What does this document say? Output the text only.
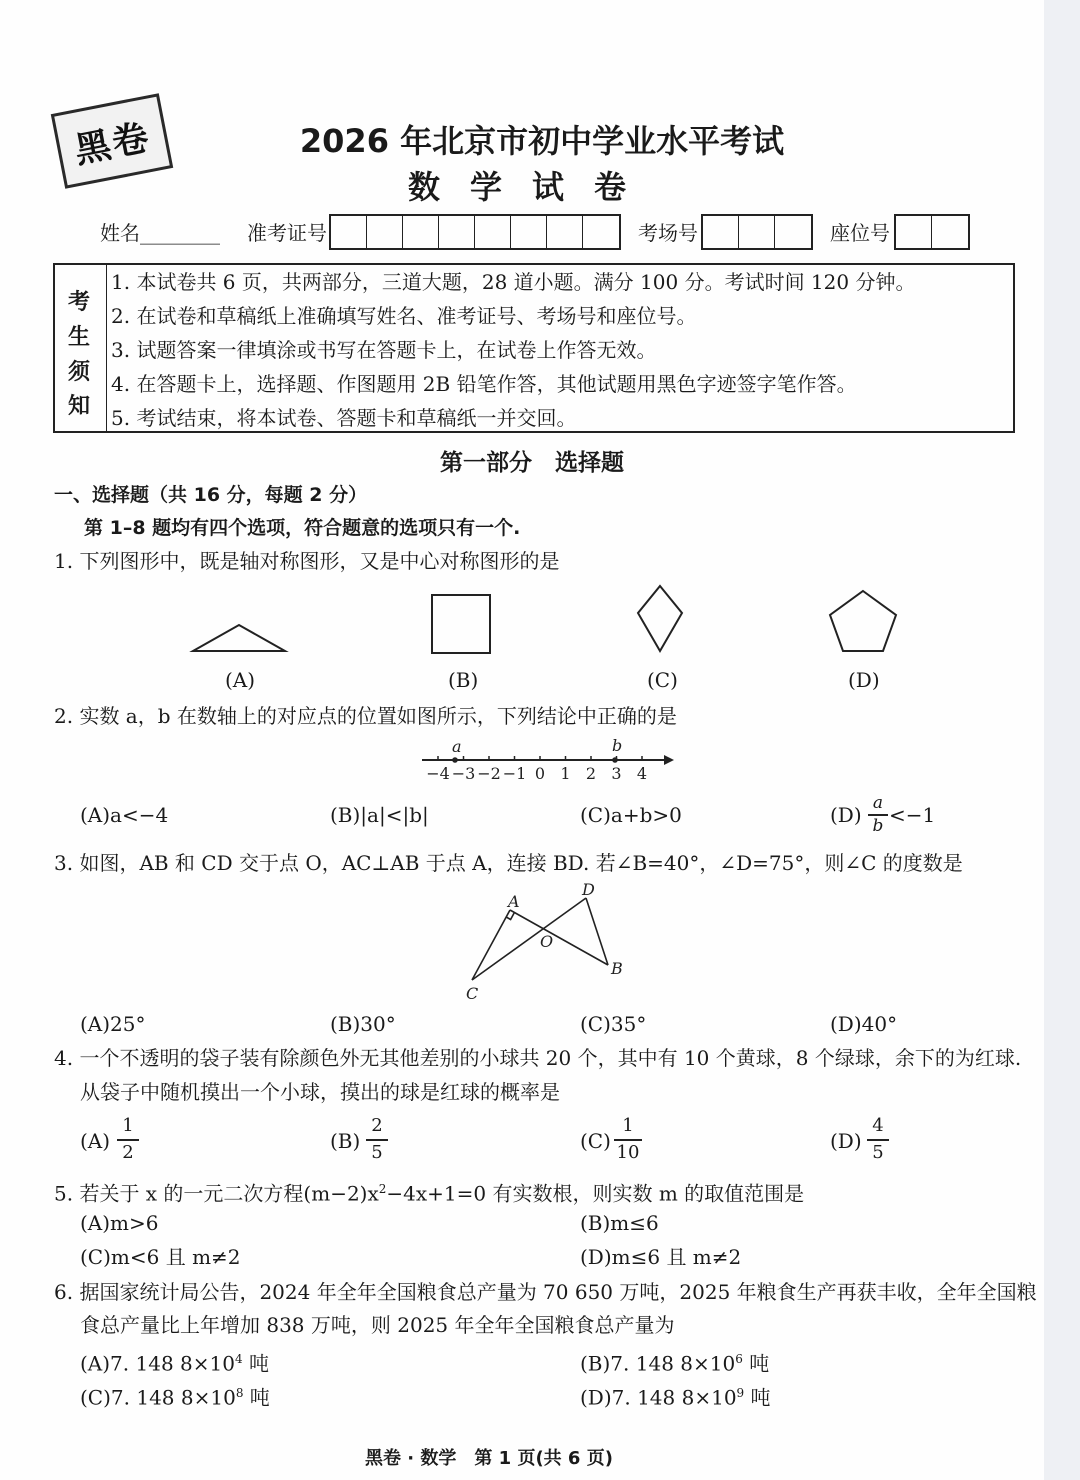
黑卷	2026 年北京市初中学业水平考试
数学试卷
姓名________ 准考证号	考场号	座位号
考
生
须
知
1. 本试卷共 6 页，共两部分，三道大题，28 道小题。满分 100 分。考试时间 120 分钟。
2. 在试卷和草稿纸上准确填写姓名、准考证号、考场号和座位号。
3. 试题答案一律填涂或书写在答题卡上，在试卷上作答无效。
4. 在答题卡上，选择题、作图题用 2B 铅笔作答，其他试题用黑色字迹签字笔作答。
5. 考试结束，将本试卷、答题卡和草稿纸一并交回。
第一部分　选择题
一、选择题（共 16 分，每题 2 分）
第 1–8 题均有四个选项，符合题意的选项只有一个.
1. 下列图形中，既是轴对称图形，又是中心对称图形的是
(A)	(B)	(C)	(D)
2. 实数 a，b 在数轴上的对应点的位置如图所示，下列结论中正确的是
a	b
−4 −3 −2 −1 0 1 2 3 4
(A)a<−4	(B)|a|<|b|	(C)a+b>0	(D) a
b <−1
3. 如图，AB 和 CD 交于点 O，AC⊥AB 于点 A，连接 BD. 若∠B=40°，∠D=75°，则∠C 的度数是
A
D
O
B
C
(A)25°	(B)30°	(C)35°	(D)40°
4. 一个不透明的袋子装有除颜色外无其他差别的小球共 20 个，其中有 10 个黄球，8 个绿球，余下的为红球.
从袋子中随机摸出一个小球，摸出的球是红球的概率是
(A)
1
2	(B)
2
5	(C)
1
10	(D)
4
5
5. 若关于 x 的一元二次方程$(m-2)x^2-4x+1=0$ 有实数根，则实数 m 的取值范围是
(A)m>6	(B)m≤6
(C)m<6 且 m≠2	(D)m≤6 且 m≠2
6. 据国家统计局公告，2024 年全年全国粮食总产量为 70 650 万吨，2025 年粮食生产再获丰收，全年全国粮
食总产量比上年增加 838 万吨，则 2025 年全年全国粮食总产量为
(A)7. 148 $8\times 10^4$ 吨	(B)7. 148 $8\times 10^6$ 吨
(C)7. 148 $8\times 10^8$ 吨	(D)7. 148 $8\times 10^9$ 吨
黑卷 · 数学　第 1 页(共 6 页)
